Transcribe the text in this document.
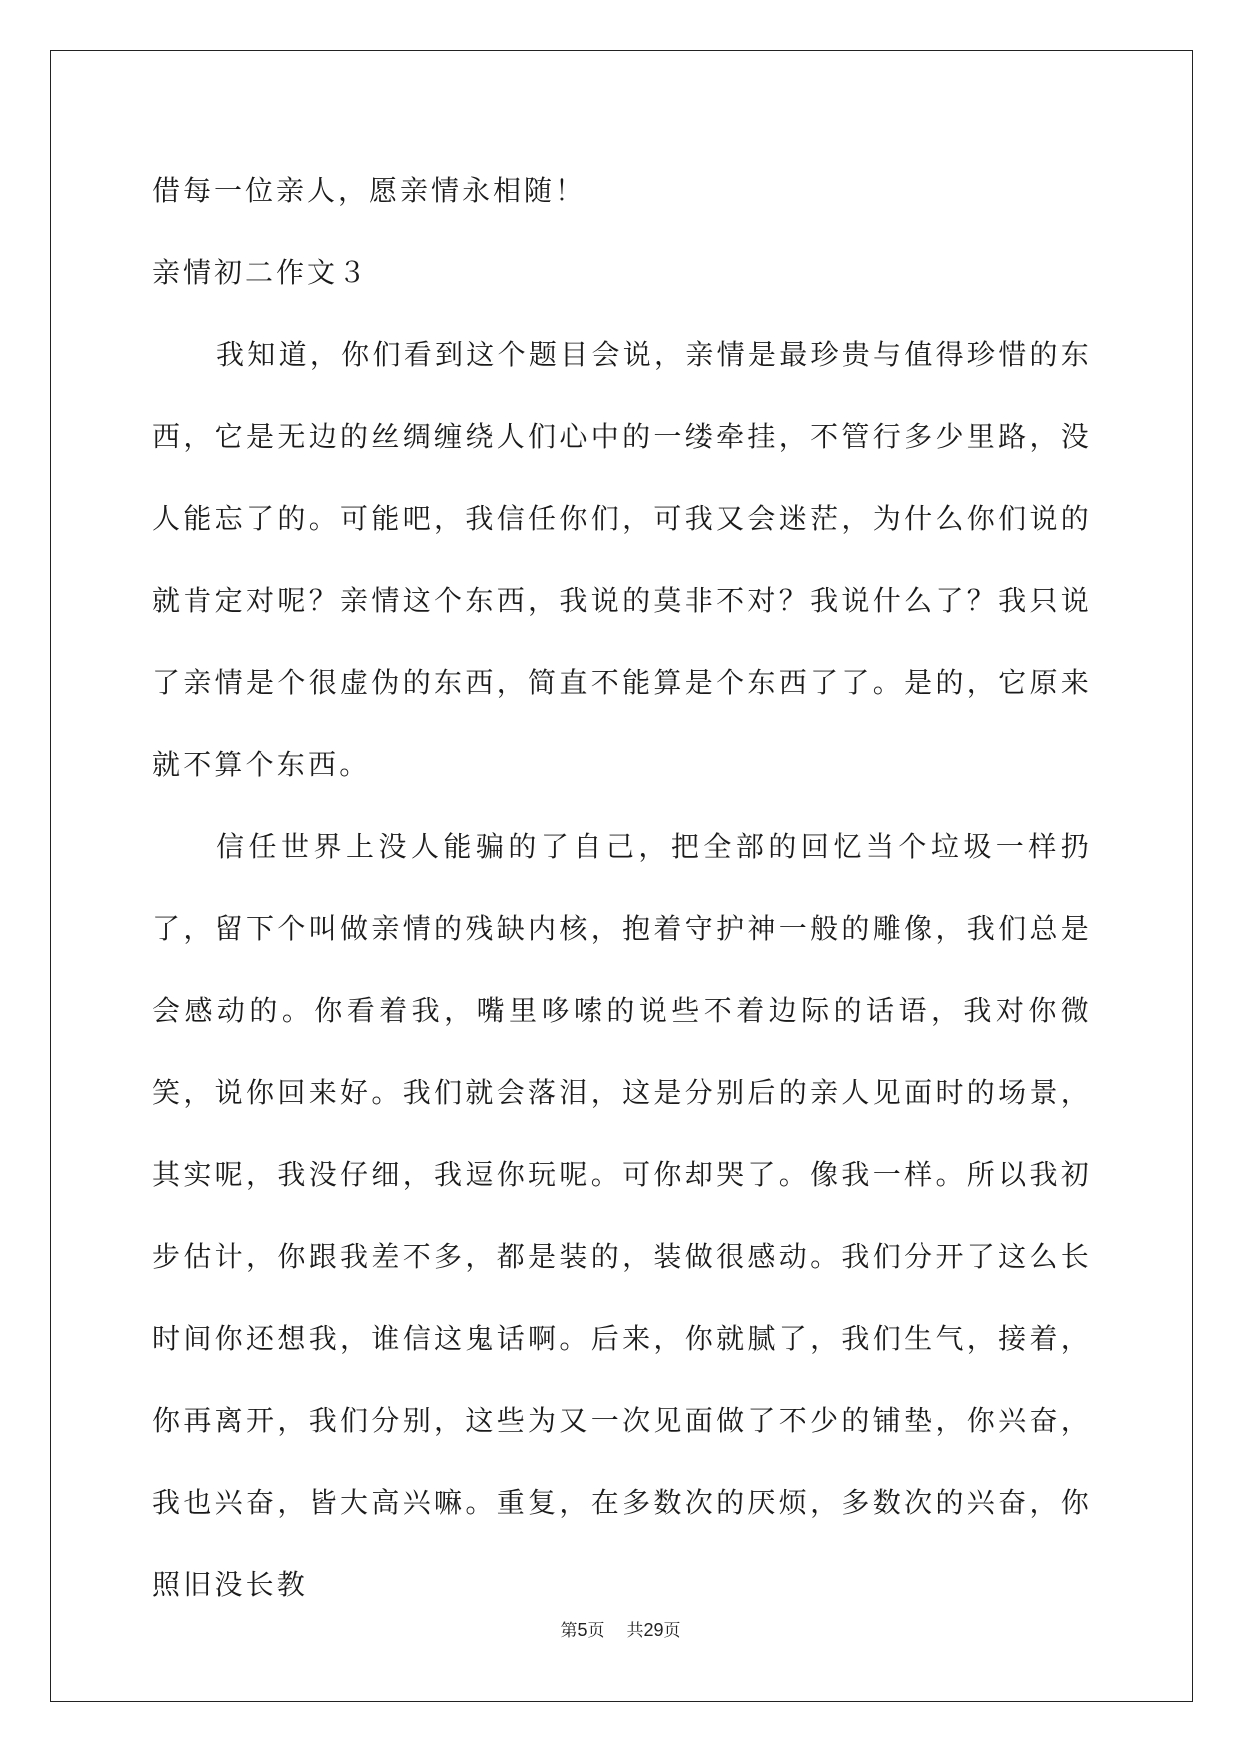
借每一位亲人，愿亲情永相随！

亲情初二作文３

我知道，你们看到这个题目会说，亲情是最珍贵与值得珍惜的东西，它是无边的丝绸缠绕人们心中的一缕牵挂，不管行多少里路，没人能忘了的。可能吧，我信任你们，可我又会迷茫，为什么你们说的就肯定对呢？亲情这个东西，我说的莫非不对？我说什么了？我只说了亲情是个很虚伪的东西，简直不能算是个东西了了。是的，它原来就不算个东西。

信任世界上没人能骗的了自己，把全部的回忆当个垃圾一样扔了，留下个叫做亲情的残缺内核，抱着守护神一般的雕像，我们总是会感动的。你看着我，嘴里哆嗦的说些不着边际的话语，我对你微笑，说你回来好。我们就会落泪，这是分别后的亲人见面时的场景，其实呢，我没仔细，我逗你玩呢。可你却哭了。像我一样。所以我初步估计，你跟我差不多，都是装的，装做很感动。我们分开了这么长时间你还想我，谁信这鬼话啊。后来，你就腻了，我们生气，接着，你再离开，我们分别，这些为又一次见面做了不少的铺垫，你兴奋，我也兴奋，皆大高兴嘛。重复，在多数次的厌烦，多数次的兴奋，你照旧没长教

第5页 共29页
